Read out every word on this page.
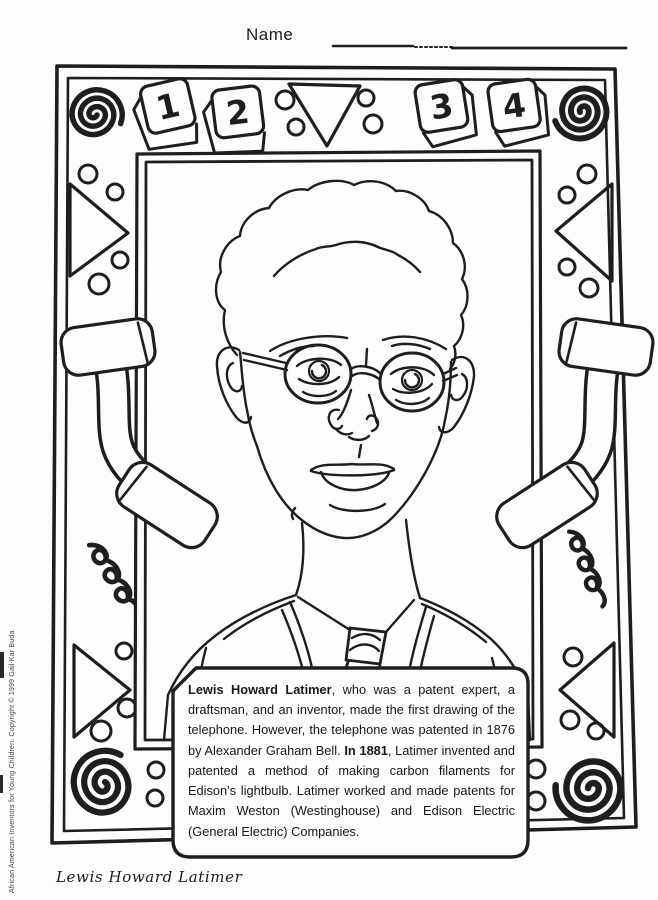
1 2	3 4
Name
Lewis Howard Latimer, who was a patent expert, a draftsman, and an inventor, made the first drawing of the telephone. However, the telephone was patented in 1876 by Alexander Graham Bell. In 1881, Latimer invented and patented a method of making carbon filaments for Edison's lightbulb. Latimer worked and made patents for Maxim Weston (Westinghouse) and Edison Electric (General Electric) Companies.
Lewis Howard Latimer
African American Inventors for Young Children. Copyright © 1999 Gail Kar Buda
